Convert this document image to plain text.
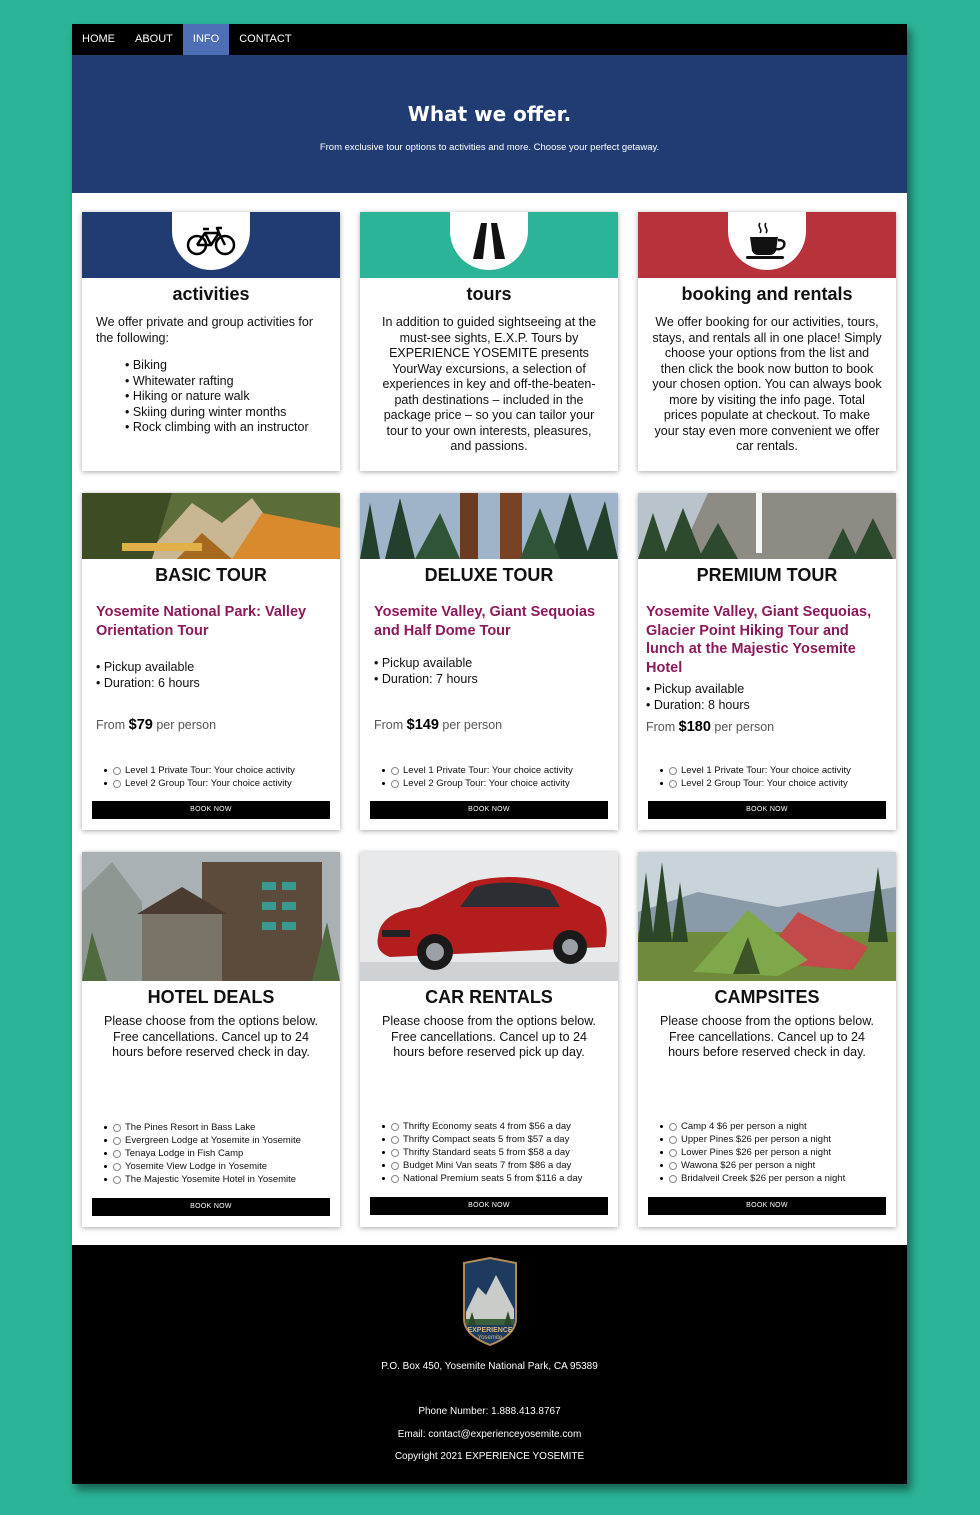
HOME	ABOUT	INFO	CONTACT
What we offer.

From exclusive tour options to activities and more. Choose your perfect getaway.

activities
We offer private and group activities for the following:
• Biking
• Whitewater rafting
• Hiking or nature walk
• Skiing during winter months
• Rock climbing with an instructor
tours
In addition to guided sightseeing at the must-see sights, E.X.P. Tours by EXPERIENCE YOSEMITE presents YourWay excursions, a selection of experiences in key and off-the-beaten-path destinations – included in the package price – so you can tailor your tour to your own interests, pleasures, and passions.
booking and rentals
We offer booking for our activities, tours, stays, and rentals all in one place! Simply choose your options from the list and then click the book now button to book your chosen option. You can always book more by visiting the info page. Total prices populate at checkout. To make your stay even more convenient we offer car rentals.
BASIC TOUR
Yosemite National Park: Valley Orientation Tour
• Pickup available
• Duration: 6 hours
From $79 per person
Level 1 Private Tour: Your choice activity
Level 2 Group Tour: Your choice activity
BOOK NOW
DELUXE TOUR
Yosemite Valley, Giant Sequoias and Half Dome Tour
• Pickup available
• Duration: 7 hours
From $149 per person
Level 1 Private Tour: Your choice activity
Level 2 Group Tour: Your choice activity
BOOK NOW
PREMIUM TOUR
Yosemite Valley, Giant Sequoias, Glacier Point Hiking Tour and lunch at the Majestic Yosemite Hotel
• Pickup available
• Duration: 8 hours
From $180 per person
Level 1 Private Tour: Your choice activity
Level 2 Group Tour: Your choice activity
BOOK NOW
HOTEL DEALS
Please choose from the options below. Free cancellations. Cancel up to 24 hours before reserved check in day.
The Pines Resort in Bass Lake
Evergreen Lodge at Yosemite in Yosemite
Tenaya Lodge in Fish Camp
Yosemite View Lodge in Yosemite
The Majestic Yosemite Hotel in Yosemite
BOOK NOW
CAR RENTALS
Please choose from the options below. Free cancellations. Cancel up to 24 hours before reserved pick up day.
Thrifty Economy seats 4 from $56 a day
Thrifty Compact seats 5 from $57 a day
Thrifty Standard seats 5 from $58 a day
Budget Mini Van seats 7 from $86 a day
National Premium seats 5 from $116 a day
BOOK NOW
CAMPSITES
Please choose from the options below. Free cancellations. Cancel up to 24 hours before reserved check in day.
Camp 4 $6 per person a night
Upper Pines $26 per person a night
Lower Pines $26 per person a night
Wawona $26 per person a night
Bridalveil Creek $26 per person a night
BOOK NOW
EXPERIENCE
Yosemite
P.O. Box 450, Yosemite National Park, CA 95389
Phone Number: 1.888.413.8767
Email: contact@experienceyosemite.com
Copyright 2021 EXPERIENCE YOSEMITE
